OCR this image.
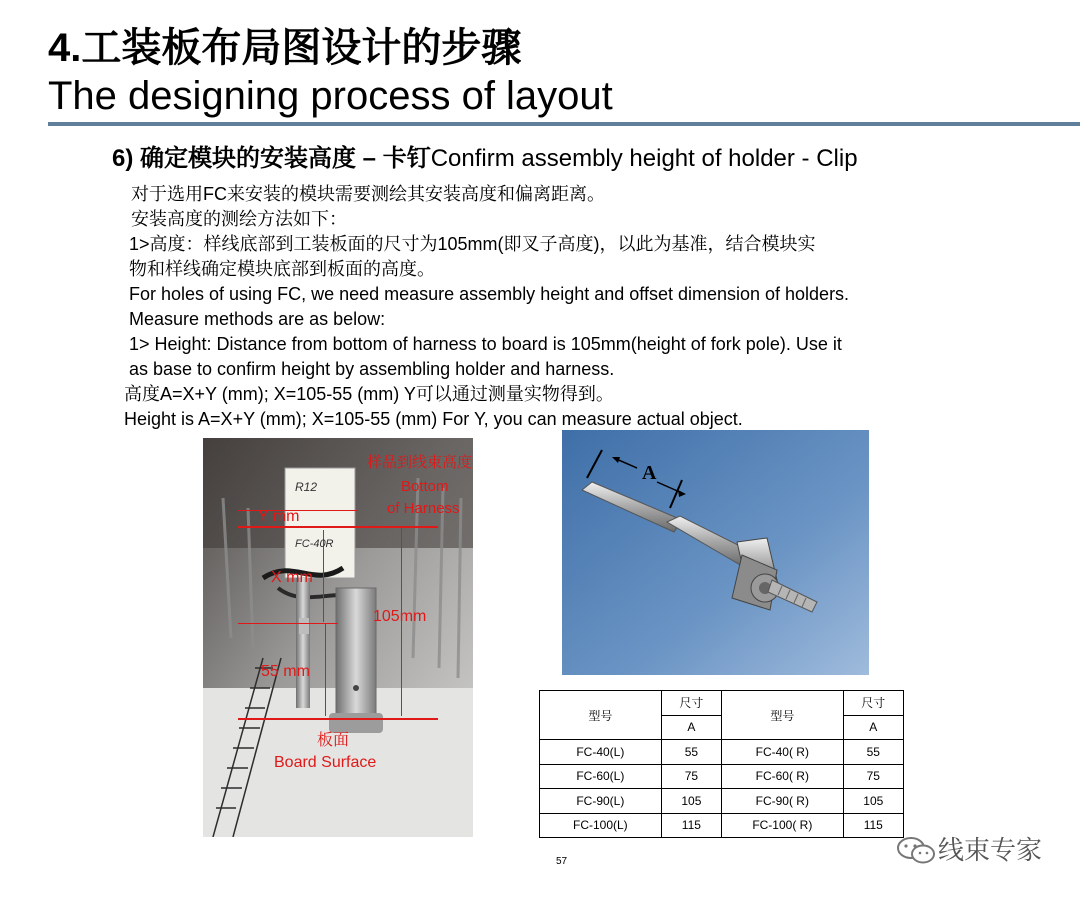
4.工装板布局图设计的步骤
The designing process of layout
6) 确定模块的安装高度 – 卡钉Confirm assembly height of holder - Clip
对于选用FC来安装的模块需要测绘其安装高度和偏离距离。
安装高度的测绘方法如下：
1>高度：样线底部到工装板面的尺寸为105mm(即叉子高度)，以此为基准，结合模块实
物和样线确定模块底部到板面的高度。
For holes of using FC, we need measure assembly height and offset dimension of holders.
Measure methods are as below:
1> Height: Distance from bottom of harness to board is 105mm(height of fork pole). Use it
as base to confirm height by assembling holder and harness.
高度A=X+Y (mm); X=105-55 (mm) Y可以通过测量实物得到。
Height is A=X+Y (mm); X=105-55 (mm) For Y, you can measure actual object.
样品到线束高度
Bottom
of Harness
Y mm
X mm
105mm
55 mm
板面
Board Surface
R12
FC-40R
A
型号	尺寸	型号	尺寸
	A		A
FC-40(L)	55	FC-40( R)	55
FC-60(L)	75	FC-60( R)	75
FC-90(L)	105	FC-90( R)	105
FC-100(L)	115	FC-100( R)	115
57	线束专家
